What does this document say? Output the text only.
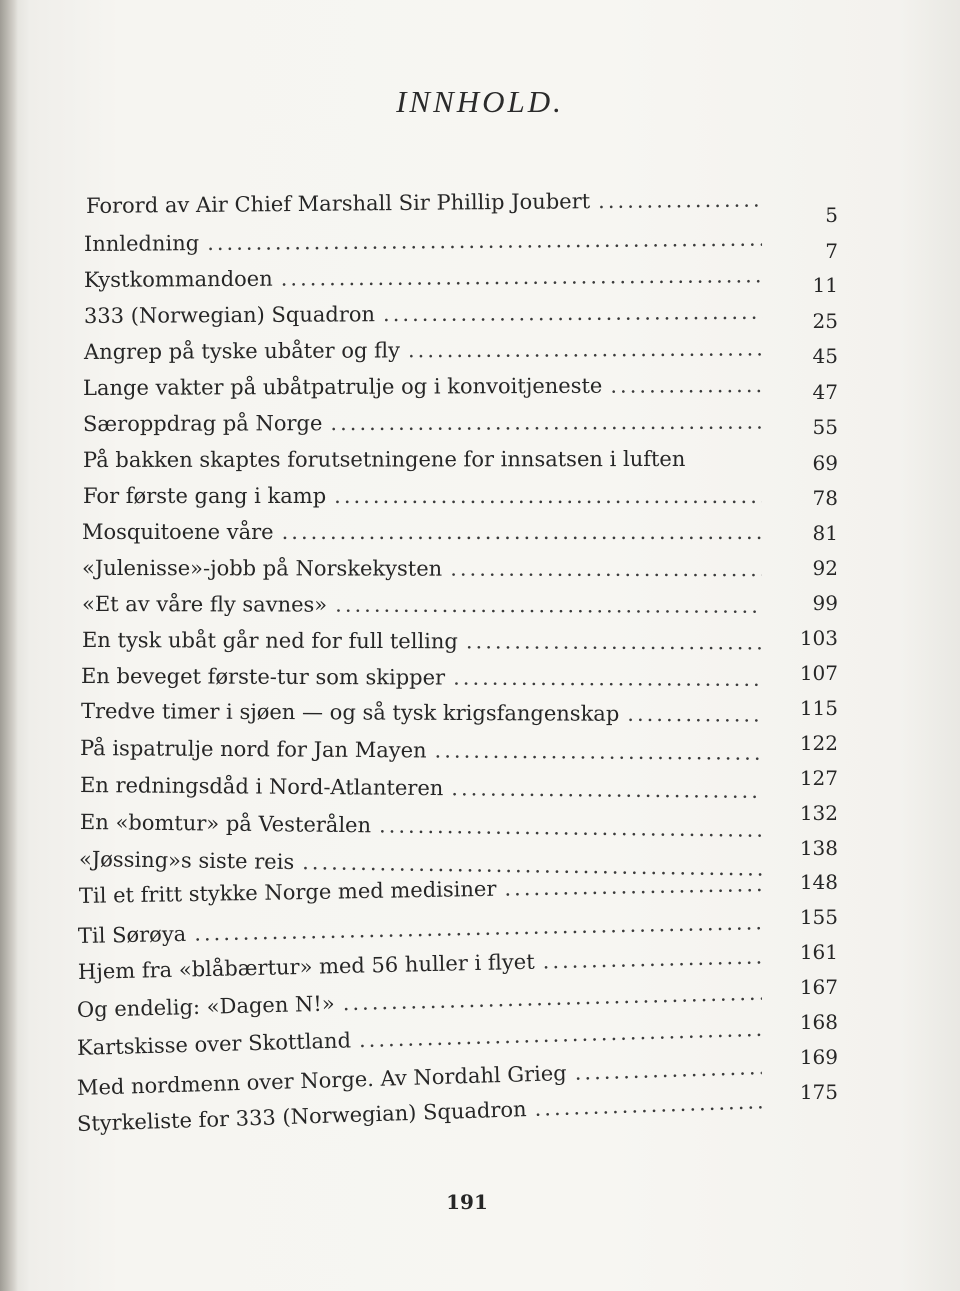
INNHOLD.
Forord av Air Chief Marshall Sir Phillip Joubert
.....
Innledning
.....
Kystkommandoen
.....
333 (Norwegian) Squadron
.....
Angrep på tyske ubåter og fly
.....
Lange vakter på ubåtpatrulje og i konvoitjeneste
.....
Særoppdrag på Norge
.....
På bakken skaptes forutsetningene for innsatsen i luften
For første gang i kamp
.....
Mosquitoene våre
.....
«Julenisse»-jobb på Norskekysten
.....
«Et av våre fly savnes»
.....
En tysk ubåt går ned for full telling
.....
En beveget første-tur som skipper
.....
Tredve timer i sjøen — og så tysk krigsfangenskap
.....
På ispatrulje nord for Jan Mayen
.....
En redningsdåd i Nord-Atlanteren
.....
En «bomtur» på Vesterålen
.....
«Jøssing»s siste reis
.....
Til et fritt stykke Norge med medisiner
.....
Til Sørøya
.....
Hjem fra «blåbærtur» med 56 huller i flyet
.....
Og endelig: «Dagen N!»
.....
Kartskisse over Skottland
.....
Med nordmenn over Norge. Av Nordahl Grieg
.....
Styrkeliste for 333 (Norwegian) Squadron
.....
5
7
11
25
45
47
55
69
78
81
92
99
103
107
115
122
127
132
138
148
155
161
167
168
169
175
191
